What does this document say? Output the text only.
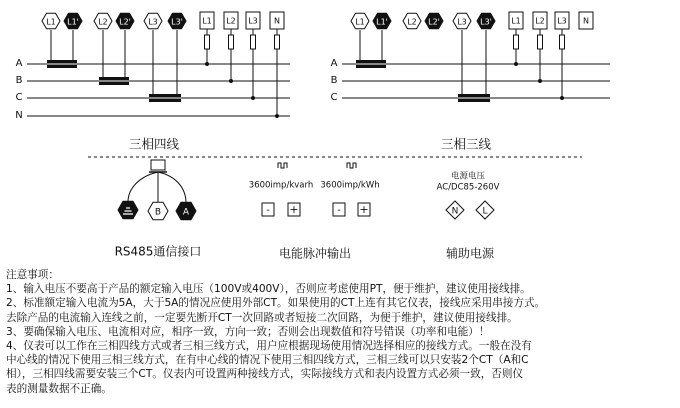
A	A
B	B
C	C
N
L1 L1' L2 L2' L3 L3' L1 L2 L3 N	L1 L1' L2 L2' L3 L3' L1 L2 L3 N
三相四线	三相三线
B A
RS485通信接口
3600imp/kvarh 3600imp/kWh
- +	- +
电能脉冲输出
电源电压
AC/DC85-260V
N	L
辅助电源
注意事项：
1、输入电压不要高于产品的额定输入电压（100V或400V），否则应考虑使用PT，便于维护，建议使用接线排。
2、标准额定输入电流为5A，大于5A的情况应使用外部CT。如果使用的CT上连有其它仪表，接线应采用串接方式。
去除产品的电流输入连线之前，一定要先断开CT一次回路或者短接二次回路，为便于维护，建议使用接线排。
3、要确保输入电压、电流相对应，相序一致，方向一致；否则会出现数值和符号错误（功率和电能）！
4、仪表可以工作在三相四线方式或者三相三线方式，用户应根据现场使用情况选择相应的接线方式。一般在没有
中心线的情况下使用三相三线方式，在有中心线的情况下使用三相四线方式，三相三线可以只安装2个CT（A和C
相），三相四线需要安装三个CT。仪表内可设置两种接线方式，实际接线方式和表内设置方式必须一致，否则仪
表的测量数据不正确。
